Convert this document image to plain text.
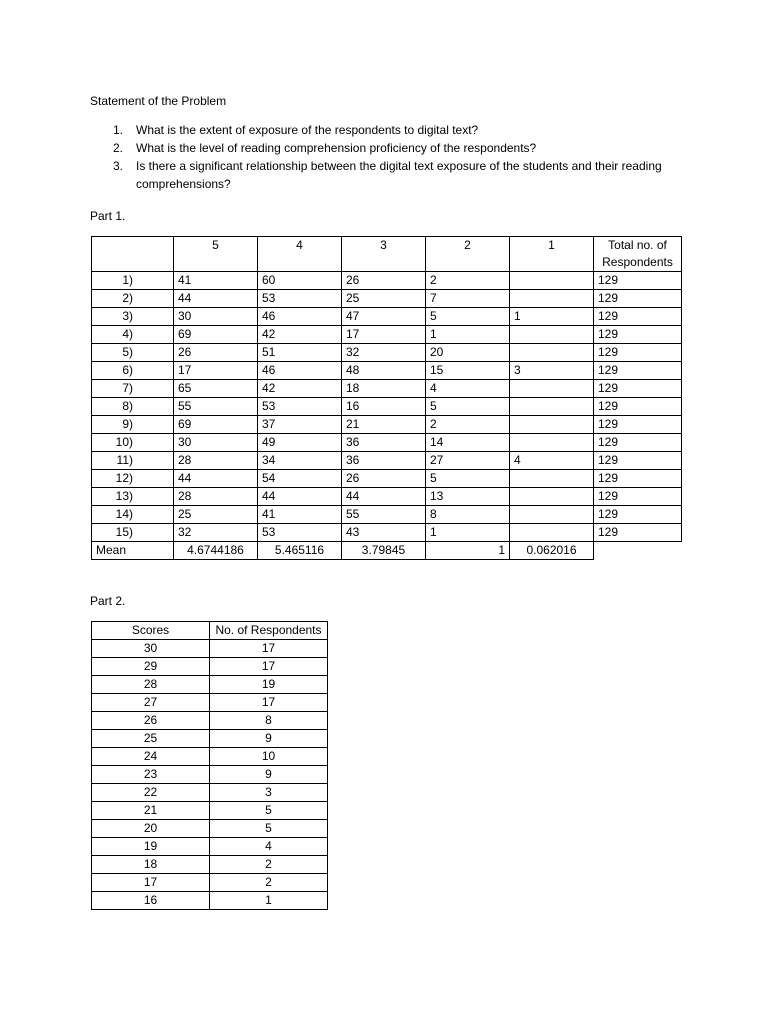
Statement of the Problem
1. What is the extent of exposure of the respondents to digital text?
2. What is the level of reading comprehension proficiency of the respondents?
3. Is there a significant relationship between the digital text exposure of the students and their reading comprehensions?
Part 1.
	5	4	3	2	1	Total no. of Respondents
1)	41	60	26	2		129
2)	44	53	25	7		129
3)	30	46	47	5	1	129
4)	69	42	17	1		129
5)	26	51	32	20		129
6)	17	46	48	15	3	129
7)	65	42	18	4		129
8)	55	53	16	5		129
9)	69	37	21	2		129
10)	30	49	36	14		129
11)	28	34	36	27	4	129
12)	44	54	26	5		129
13)	28	44	44	13		129
14)	25	41	55	8		129
15)	32	53	43	1		129
Mean	4.6744186	5.465116	3.79845	1	0.062016	
Part 2.
Scores	No. of Respondents
30	17
29	17
28	19
27	17
26	8
25	9
24	10
23	9
22	3
21	5
20	5
19	4
18	2
17	2
16	1
